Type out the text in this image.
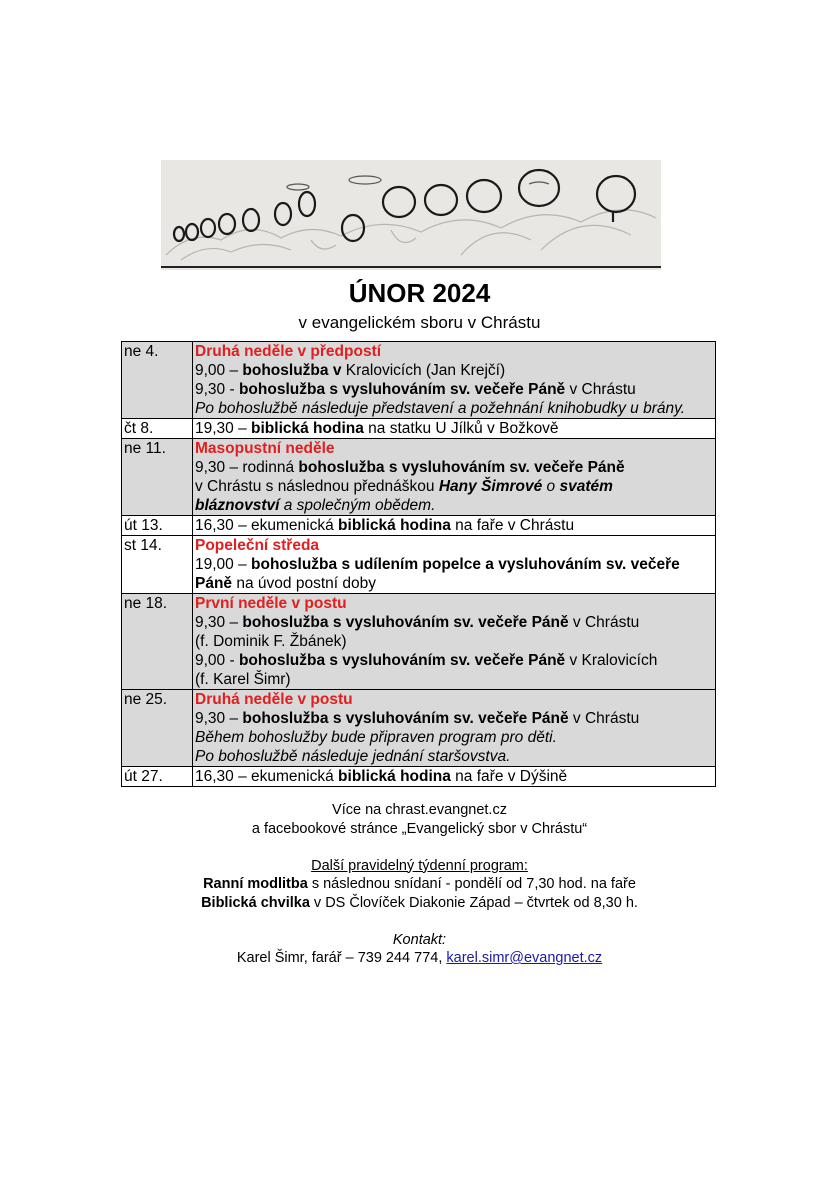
ÚNOR 2024
v evangelickém sboru v Chrástu
ne 4.	Druhá neděle v předpostí
9,00 – bohoslužba v Kralovicích (Jan Krejčí)
9,30 - bohoslužba s vysluhováním sv. večeře Páně v Chrástu
Po bohoslužbě následuje představení a požehnání knihobudky u brány.

čt 8.	19,30 – biblická hodina na statku U Jílků v Božkově

ne 11.	Masopustní neděle
9,30 – rodinná bohoslužba s vysluhováním sv. večeře Páně
v Chrástu s následnou přednáškou Hany Šimrové o svatém
bláznovství a společným obědem.

út 13.	16,30 – ekumenická biblická hodina na faře v Chrástu

st 14.	Popeleční středa
19,00 – bohoslužba s udílením popelce a vysluhováním sv. večeře
Páně na úvod postní doby

ne 18.	První neděle v postu
9,30 – bohoslužba s vysluhováním sv. večeře Páně v Chrástu
(f. Dominik F. Žbánek)
9,00 - bohoslužba s vysluhováním sv. večeře Páně v Kralovicích
(f. Karel Šimr)

ne 25.	Druhá neděle v postu
9,30 – bohoslužba s vysluhováním sv. večeře Páně v Chrástu
Během bohoslužby bude připraven program pro děti.
Po bohoslužbě následuje jednání staršovstva.

út 27.	16,30 – ekumenická biblická hodina na faře v Dýšině
Více na chrast.evangnet.cz
a facebookové stránce „Evangelický sbor v Chrástu“
Další pravidelný týdenní program:
Ranní modlitba s následnou snídaní - pondělí od 7,30 hod. na faře
Biblická chvilka v DS Človíček Diakonie Západ – čtvrtek od 8,30 h.
Kontakt:
Karel Šimr, farář – 739 244 774, karel.simr@evangnet.cz
